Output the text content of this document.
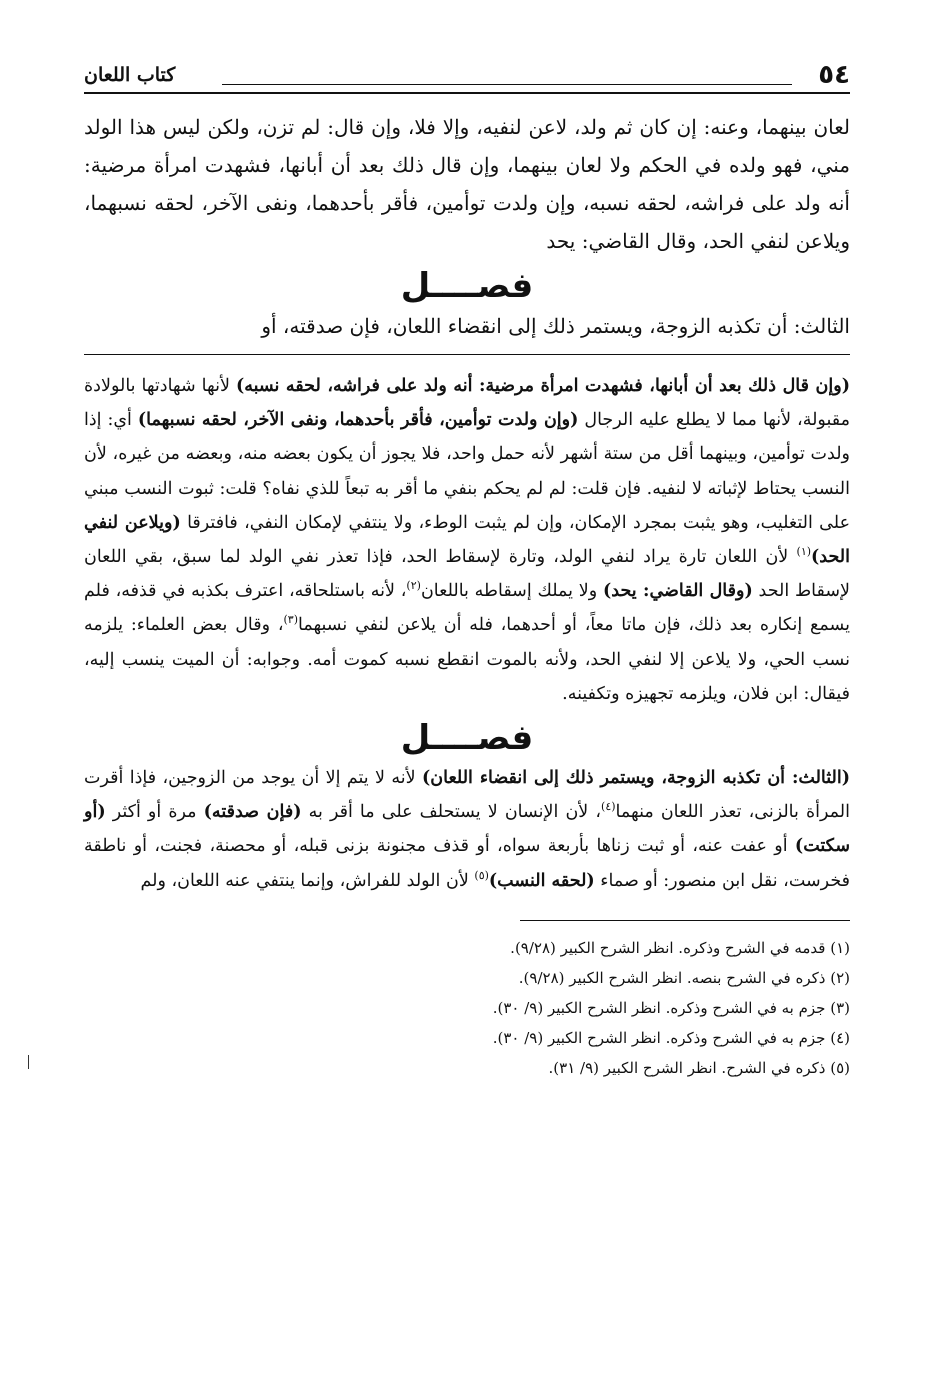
٥٤
كتاب اللعان
لعان بينهما، وعنه: إن كان ثم ولد، لاعن لنفيه، وإلا فلا، وإن قال: لم تزن، ولكن ليس هذا الولد مني، فهو ولده في الحكم ولا لعان بينهما، وإن قال ذلك بعد أن أبانها، فشهدت امرأة مرضية: أنه ولد على فراشه، لحقه نسبه، وإن ولدت توأمين، فأقر بأحدهما، ونفى الآخر، لحقه نسبهما، ويلاعن لنفي الحد، وقال القاضي: يحد
فصــــل
الثالث: أن تكذبه الزوجة، ويستمر ذلك إلى انقضاء اللعان، فإن صدقته، أو
(وإن قال ذلك بعد أن أبانها، فشهدت امرأة مرضية: أنه ولد على فراشه، لحقه نسبه) لأنها شهادتها بالولادة مقبولة، لأنها مما لا يطلع عليه الرجال (وإن ولدت توأمين، فأقر بأحدهما، ونفى الآخر، لحقه نسبهما) أي: إذا ولدت توأمين، وبينهما أقل من ستة أشهر لأنه حمل واحد، فلا يجوز أن يكون بعضه منه، وبعضه من غيره، لأن النسب يحتاط لإثباته لا لنفيه. فإن قلت: لم لم يحكم بنفي ما أقر به تبعاً للذي نفاه؟ قلت: ثبوت النسب مبني على التغليب، وهو يثبت بمجرد الإمكان، وإن لم يثبت الوطء، ولا ينتفي لإمكان النفي، فافترقا (ويلاعن لنفي الحد)$^{(١)}$ لأن اللعان تارة يراد لنفي الولد، وتارة لإسقاط الحد، فإذا تعذر نفي الولد لما سبق، بقي اللعان لإسقاط الحد (وقال القاضي: يحد) ولا يملك إسقاطه باللعان$^{(٢)}$، لأنه باستلحاقه، اعترف بكذبه في قذفه، فلم يسمع إنكاره بعد ذلك، فإن ماتا معاً، أو أحدهما، فله أن يلاعن لنفي نسبهما$^{(٣)}$، وقال بعض العلماء: يلزمه نسب الحي، ولا يلاعن إلا لنفي الحد، ولأنه بالموت انقطع نسبه كموت أمه. وجوابه: أن الميت ينسب إليه، فيقال: ابن فلان، ويلزمه تجهيزه وتكفينه.
فصــــل
(الثالث: أن تكذبه الزوجة، ويستمر ذلك إلى انقضاء اللعان) لأنه لا يتم إلا أن يوجد من الزوجين، فإذا أقرت المرأة بالزنى، تعذر اللعان منهما$^{(٤)}$، لأن الإنسان لا يستحلف على ما أقر به (فإن صدقته) مرة أو أكثر (أو سكتت) أو عفت عنه، أو ثبت زناها بأربعة سواه، أو قذف مجنونة بزنى قبله، أو محصنة، فجنت، أو ناطقة فخرست، نقل ابن منصور: أو صماء (لحقه النسب)$^{(٥)}$ لأن الولد للفراش، وإنما ينتفي عنه اللعان، ولم
(١) قدمه في الشرح وذكره. انظر الشرح الكبير (٩/٢٨).
(٢) ذكره في الشرح بنصه. انظر الشرح الكبير (٩/٢٨).
(٣) جزم به في الشرح وذكره. انظر الشرح الكبير (٩/ ٣٠).
(٤) جزم به في الشرح وذكره. انظر الشرح الكبير (٩/ ٣٠).
(٥) ذكره في الشرح. انظر الشرح الكبير (٩/ ٣١).
